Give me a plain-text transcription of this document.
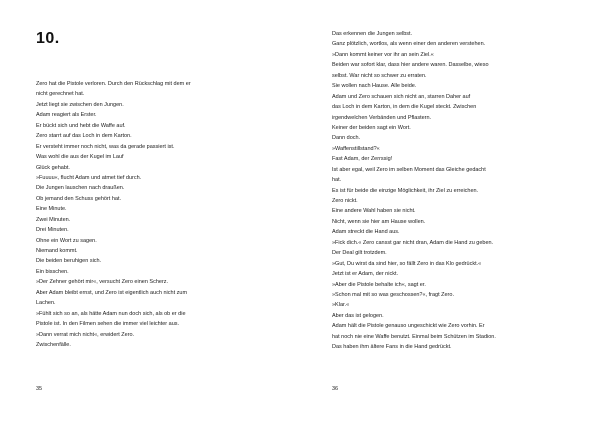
10.
Zero hat die Pistole verloren. Durch den Rückschlag mit dem er
nicht gerechnet hat.
Jetzt liegt sie zwischen den Jungen.
Adam reagiert als Erster.
Er bückt sich und hebt die Waffe auf.
Zero starrt auf das Loch in dem Karton.
Er versteht immer noch nicht, was da gerade passiert ist.
Was wohl die aus der Kugel im Lauf
Glück gehabt.
»Fuuuu«, flucht Adam und atmet tief durch.
Die Jungen lauschen nach draußen.
Ob jemand den Schuss gehört hat.
Eine Minute.
Zwei Minuten.
Drei Minuten.
Ohne ein Wort zu sagen.
Niemand kommt.
Die beiden beruhigen sich.
Ein bisschen.
»Der Zehner gehört mir«, versucht Zero einen Scherz.
Aber Adam bleibt ernst, und Zero ist eigentlich auch nicht zum
Lachen.
»Fühlt sich so an, als hätte Adam nun doch sich, als ob er die
Pistole ist. In den Filmen sehen die immer viel leichter aus.
»Dann verrat mich nicht«, erwidert Zero.
Zwischenfälle.
35
Das erkennen die Jungen selbst.
Ganz plötzlich, wortlos, als wenn einer den anderen verstehen.
»Dann kommt keiner vor ihr an sein Ziel.«
Beiden war sofort klar, dass hier andere waren. Dasselbe, wieso
selbst. War nicht so schwer zu erraten.
Sie wollen nach Hause. Alle beide.
Adam und Zero schauen sich nicht an, starren Daher auf
das Loch in dem Karton, in dem die Kugel steckt. Zwischen
irgendwelchen Verbänden und Pflastern.
Keiner der beiden sagt ein Wort.
Dann doch.
»Waffenstillstand?«
Fast Adam, der Zerrssig!
Ist aber egal, weil Zero im selben Moment das Gleiche gedacht
hat.
Es ist für beide die einzige Möglichkeit, ihr Ziel zu erreichen.
Zero nickt.
Eine andere Wahl haben sie nicht.
Nicht, wenn sie hier am Hause wollen.
Adam streckt die Hand aus.
»Fick dich.« Zero cansst gar nicht dran, Adam die Hand zu geben.
Der Deal gilt trotzdem.
»Gut, Du wirst da sind hier, so fällt Zero in das Klo gedrückt.«
Jetzt ist er Adam, der nickt.
»Aber die Pistole behalte ich«, sagt er.
»Schon mal mit so was geschossen?«, fragt Zero.
»Klar.«
Aber das ist gelogen.
Adam hält die Pistole genauso ungeschickt wie Zero vorhin. Er
hat noch nie eine Waffe benutzt. Einmal beim Schützen im Stadion.
Das haben ihm ältere Fans in die Hand gedrückt.
36
